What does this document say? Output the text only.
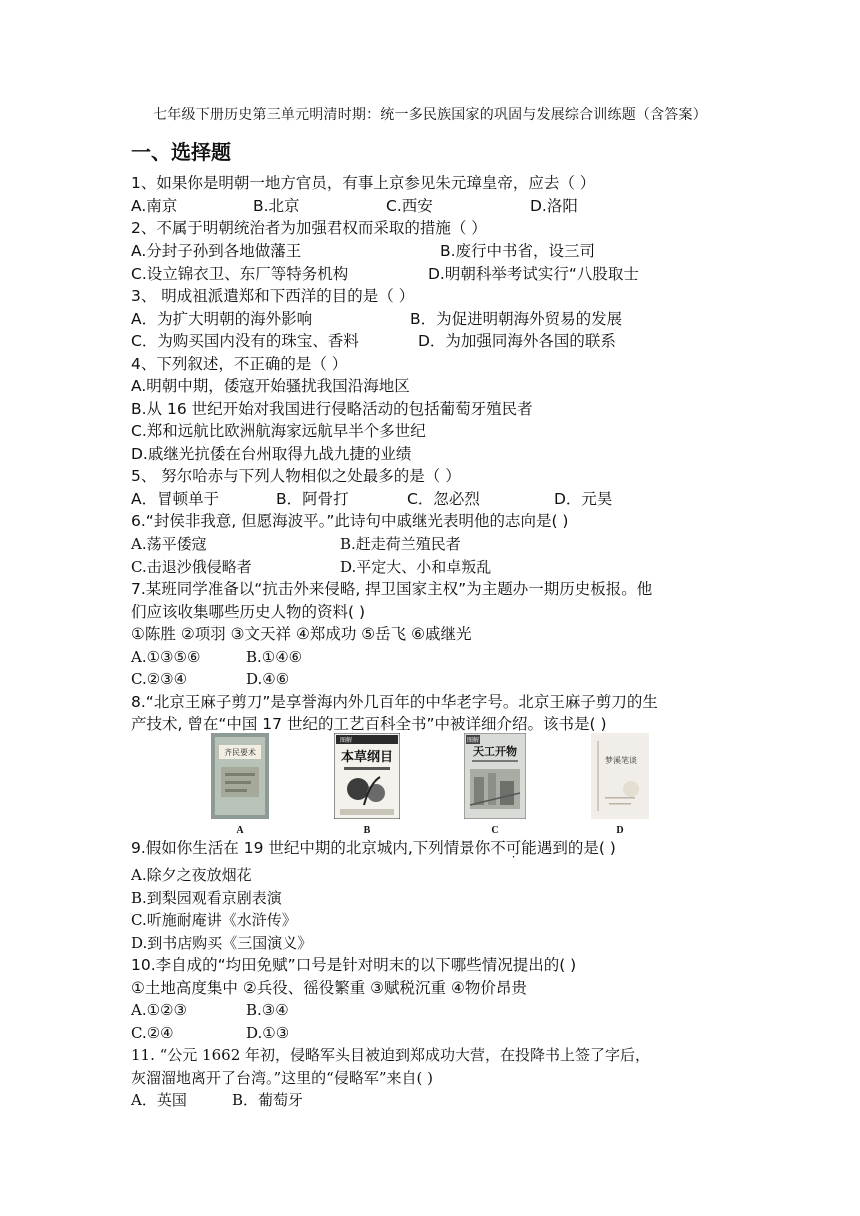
七年级下册历史第三单元明清时期：统一多民族国家的巩固与发展综合训练题（含答案）
一、选择题
1、如果你是明朝一地方官员，有事上京参见朱元璋皇帝，应去（ ）
A.南京	B.北京	C.西安	D.洛阳
2、不属于明朝统治者为加强君权而采取的措施（ ）
A.分封子孙到各地做藩王	B.废行中书省，设三司
C.设立锦衣卫、东厂等特务机构	D.明朝科举考试实行“八股取士
3、 明成祖派遣郑和下西洋的目的是（ ）
A．为扩大明朝的海外影响	B．为促进明朝海外贸易的发展
C．为购买国内没有的珠宝、香料	D．为加强同海外各国的联系
4、下列叙述，不正确的是（ ）
A.明朝中期，倭寇开始骚扰我国沿海地区
B.从 16 世纪开始对我国进行侵略活动的包括葡萄牙殖民者
C.郑和远航比欧洲航海家远航早半个多世纪
D.戚继光抗倭在台州取得九战九捷的业绩
5、 努尔哈赤与下列人物相似之处最多的是（ ）
A．冒顿单于	B．阿骨打	C．忽必烈	D．元昊
6.“封侯非我意, 但愿海波平。”此诗句中戚继光表明他的志向是( )
A.荡平倭寇	B.赶走荷兰殖民者
C.击退沙俄侵略者	D.平定大、小和卓叛乱
7.某班同学准备以“抗击外来侵略, 捍卫国家主权”为主题办一期历史板报。他
们应该收集哪些历史人物的资料( )
①陈胜 ②项羽 ③文天祥 ④郑成功 ⑤岳飞 ⑥戚继光
A.①③⑤⑥	B.①④⑥
C.②③④	D.④⑥
8.“北京王麻子剪刀”是享誉海内外几百年的中华老字号。北京王麻子剪刀的生
产技术, 曾在“中国 17 世纪的工艺百科全书”中被详细介绍。该书是( )
齐民要术
A
图解
本草纲目
B
图解
天工开物
C
梦溪笔谈
D
9.假如你生活在 19 世纪中期的北京城内,下列情景你不可能遇到的是( )
A.除夕之夜放烟花
B.到梨园观看京剧表演
C.听施耐庵讲《水浒传》
D.到书店购买《三国演义》
10.李自成的“均田免赋”口号是针对明末的以下哪些情况提出的( )
①土地高度集中 ②兵役、徭役繁重 ③赋税沉重 ④物价昂贵
A.①②③	B.③④
C.②④	D.①③
11. “公元 1662 年初，侵略军头目被迫到郑成功大营，在投降书上签了字后，
灰溜溜地离开了台湾。”这里的“侵略军”来自( )
A．英国	B．葡萄牙
